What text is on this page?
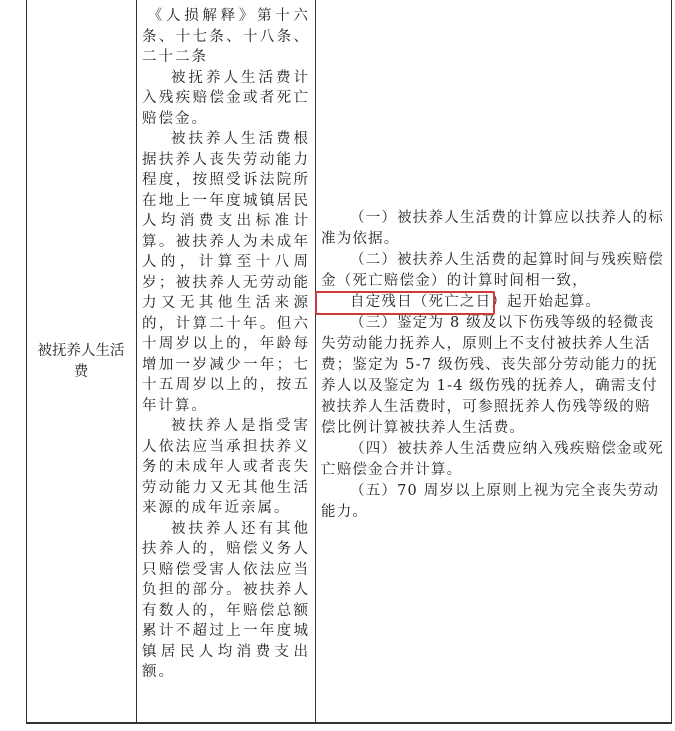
被抚养人生活费

《人损解释》第十六条、十七条、十八条、二十二条

被抚养人生活费计入残疾赔偿金或者死亡赔偿金。

被扶养人生活费根据扶养人丧失劳动能力程度，按照受诉法院所在地上一年度城镇居民人均消费支出标准计算。被扶养人为未成年人的，计算至十八周岁；被扶养人无劳动能力又无其他生活来源的，计算二十年。但六十周岁以上的，年龄每增加一岁减少一年；七十五周岁以上的，按五年计算。

被扶养人是指受害人依法应当承担扶养义务的未成年人或者丧失劳动能力又无其他生活来源的成年近亲属。

被扶养人还有其他扶养人的，赔偿义务人只赔偿受害人依法应当负担的部分。被扶养人有数人的，年赔偿总额累计不超过上一年度城镇居民人均消费支出额。

（一）被扶养人生活费的计算应以扶养人的标准为依据。

（二）被扶养人生活费的起算时间与残疾赔偿金（死亡赔偿金）的计算时间相一致，自定残日（死亡之日
）起开始起算。

（三）鉴定为 8 级及以下伤残等级的轻微丧失劳动能力抚养人，原则上不支付被扶养人生活费；鉴定为 5-7 级伤残、丧失部分劳动能力的抚养人以及鉴定为 1-4 级伤残的抚养人，确需支付被扶养人生活费时，可参照抚养人伤残等级的赔偿比例计算被扶养人生活费。

（四）被扶养人生活费应纳入残疾赔偿金或死亡赔偿金合并计算。

（五）70 周岁以上原则上视为完全丧失劳动能力。
